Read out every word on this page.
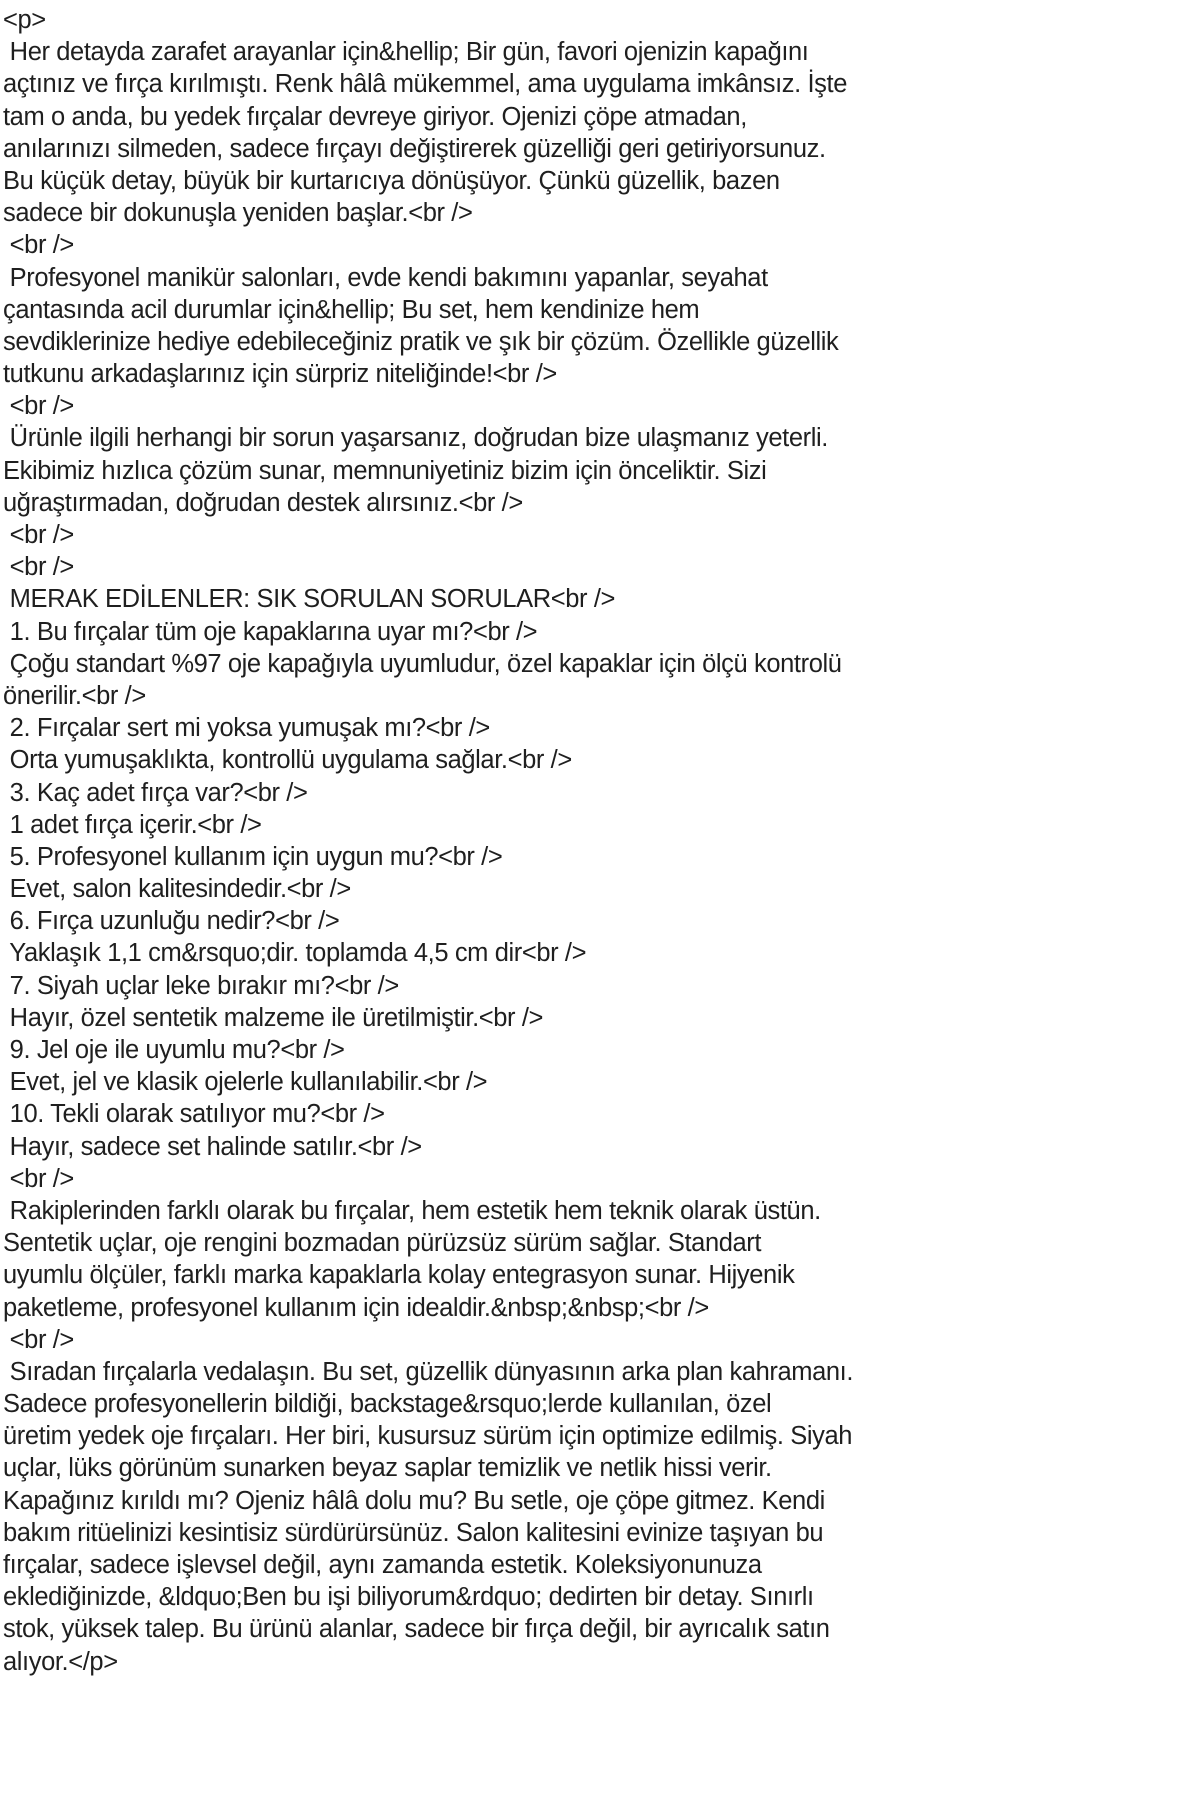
<p>
Her detayda zarafet arayanlar için&hellip; Bir gün, favori ojenizin kapağını
açtınız ve fırça kırılmıştı. Renk hâlâ mükemmel, ama uygulama imkânsız. İşte
tam o anda, bu yedek fırçalar devreye giriyor. Ojenizi çöpe atmadan,
anılarınızı silmeden, sadece fırçayı değiştirerek güzelliği geri getiriyorsunuz.
Bu küçük detay, büyük bir kurtarıcıya dönüşüyor. Çünkü güzellik, bazen
sadece bir dokunuşla yeniden başlar.<br />
<br />
Profesyonel manikür salonları, evde kendi bakımını yapanlar, seyahat
çantasında acil durumlar için&hellip; Bu set, hem kendinize hem
sevdiklerinize hediye edebileceğiniz pratik ve şık bir çözüm. Özellikle güzellik
tutkunu arkadaşlarınız için sürpriz niteliğinde!<br />
<br />
Ürünle ilgili herhangi bir sorun yaşarsanız, doğrudan bize ulaşmanız yeterli.
Ekibimiz hızlıca çözüm sunar, memnuniyetiniz bizim için önceliktir. Sizi
uğraştırmadan, doğrudan destek alırsınız.<br />
<br />
<br />
MERAK EDİLENLER: SIK SORULAN SORULAR<br />
1. Bu fırçalar tüm oje kapaklarına uyar mı?<br />
Çoğu standart %97 oje kapağıyla uyumludur, özel kapaklar için ölçü kontrolü
önerilir.<br />
2. Fırçalar sert mi yoksa yumuşak mı?<br />
Orta yumuşaklıkta, kontrollü uygulama sağlar.<br />
3. Kaç adet fırça var?<br />
1 adet fırça içerir.<br />
5. Profesyonel kullanım için uygun mu?<br />
Evet, salon kalitesindedir.<br />
6. Fırça uzunluğu nedir?<br />
Yaklaşık 1,1 cm&rsquo;dir. toplamda 4,5 cm dir<br />
7. Siyah uçlar leke bırakır mı?<br />
Hayır, özel sentetik malzeme ile üretilmiştir.<br />
9. Jel oje ile uyumlu mu?<br />
Evet, jel ve klasik ojelerle kullanılabilir.<br />
10. Tekli olarak satılıyor mu?<br />
Hayır, sadece set halinde satılır.<br />
<br />
Rakiplerinden farklı olarak bu fırçalar, hem estetik hem teknik olarak üstün.
Sentetik uçlar, oje rengini bozmadan pürüzsüz sürüm sağlar. Standart
uyumlu ölçüler, farklı marka kapaklarla kolay entegrasyon sunar. Hijyenik
paketleme, profesyonel kullanım için idealdir.&nbsp;&nbsp;<br />
<br />
Sıradan fırçalarla vedalaşın. Bu set, güzellik dünyasının arka plan kahramanı.
Sadece profesyonellerin bildiği, backstage&rsquo;lerde kullanılan, özel
üretim yedek oje fırçaları. Her biri, kusursuz sürüm için optimize edilmiş. Siyah
uçlar, lüks görünüm sunarken beyaz saplar temizlik ve netlik hissi verir.
Kapağınız kırıldı mı? Ojeniz hâlâ dolu mu? Bu setle, oje çöpe gitmez. Kendi
bakım ritüelinizi kesintisiz sürdürürsünüz. Salon kalitesini evinize taşıyan bu
fırçalar, sadece işlevsel değil, aynı zamanda estetik. Koleksiyonunuza
eklediğinizde, &ldquo;Ben bu işi biliyorum&rdquo; dedirten bir detay. Sınırlı
stok, yüksek talep. Bu ürünü alanlar, sadece bir fırça değil, bir ayrıcalık satın
alıyor.</p>
